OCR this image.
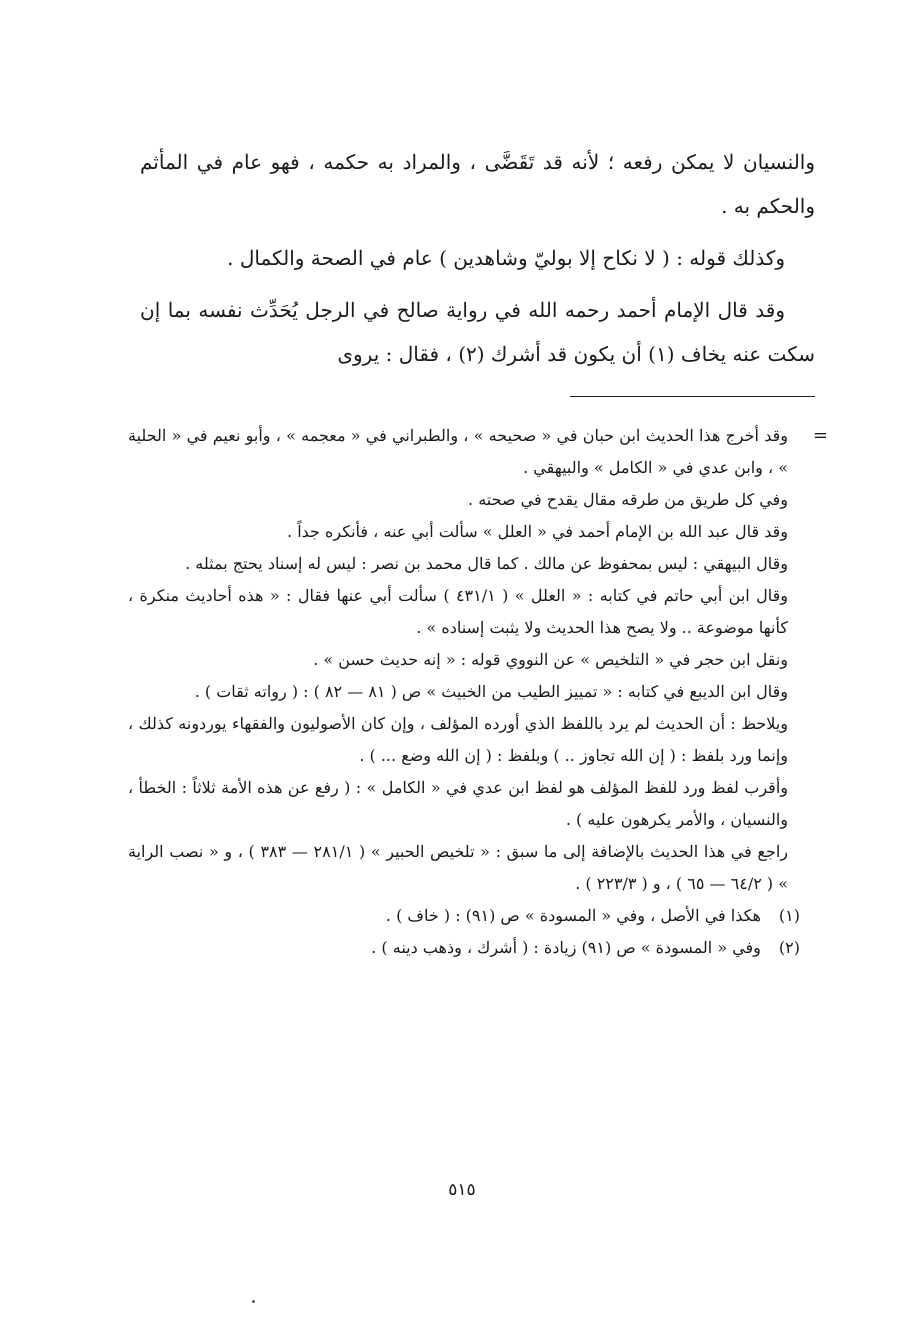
والنسيان لا يمكن رفعه ؛ لأنه قد تَقَضَّى ، والمراد به حكمه ، فهو عام في المأثم والحكم به .

وكذلك قوله : ( لا نكاح إلا بوليّ وشاهدين ) عام في الصحة والكمال .

وقد قال الإمام أحمد رحمه الله في رواية صالح في الرجل يُحَدِّث نفسه بما إن سكت عنه يخاف (١) أن يكون قد أشرك (٢) ، فقال : يروى

=

وقد أخرج هذا الحديث ابن حبان في « صحيحه » ، والطبراني في « معجمه » ، وأبو نعيم في « الحلية » ، وابن عدي في « الكامل » والبيهقي .

وفي كل طريق من طرقه مقال يقدح في صحته .

وقد قال عبد الله بن الإمام أحمد في « العلل » سألت أبي عنه ، فأنكره جداً .

وقال البيهقي : ليس بمحفوظ عن مالك . كما قال محمد بن نصر : ليس له إسناد يحتج بمثله .

وقال ابن أبي حاتم في كتابه : « العلل » ( ٤٣١/١ ) سألت أبي عنها فقال : « هذه أحاديث منكرة ، كأنها موضوعة .. ولا يصح هذا الحديث ولا يثبت إسناده » .

ونقل ابن حجر في « التلخيص » عن النووي قوله : « إنه حديث حسن » .

وقال ابن الديبع في كتابه : « تمييز الطيب من الخبيث » ص ( ٨١ — ٨٢ ) : ( رواته ثقات ) .

ويلاحظ : أن الحديث لم يرد باللفظ الذي أورده المؤلف ، وإن كان الأصوليون والفقهاء يوردونه كذلك ، وإنما ورد بلفظ : ( إن الله تجاوز .. ) وبلفظ : ( إن الله وضع ... ) .

وأقرب لفظ ورد للفظ المؤلف هو لفظ ابن عدي في « الكامل » : ( رفع عن هذه الأمة ثلاثاً : الخطأ ، والنسيان ، والأمر يكرهون عليه ) .

راجع في هذا الحديث بالإضافة إلى ما سبق : « تلخيص الحبير » ( ٢٨١/١ — ٣٨٣ ) ، و « نصب الراية » ( ٦٤/٢ — ٦٥ ) ، و ( ٢٢٣/٣ ) .

(١) هكذا في الأصل ، وفي « المسودة » ص (٩١) : ( خاف ) .

(٢) وفي « المسودة » ص (٩١) زيادة : ( أشرك ، وذهب دينه ) .

٥١٥
